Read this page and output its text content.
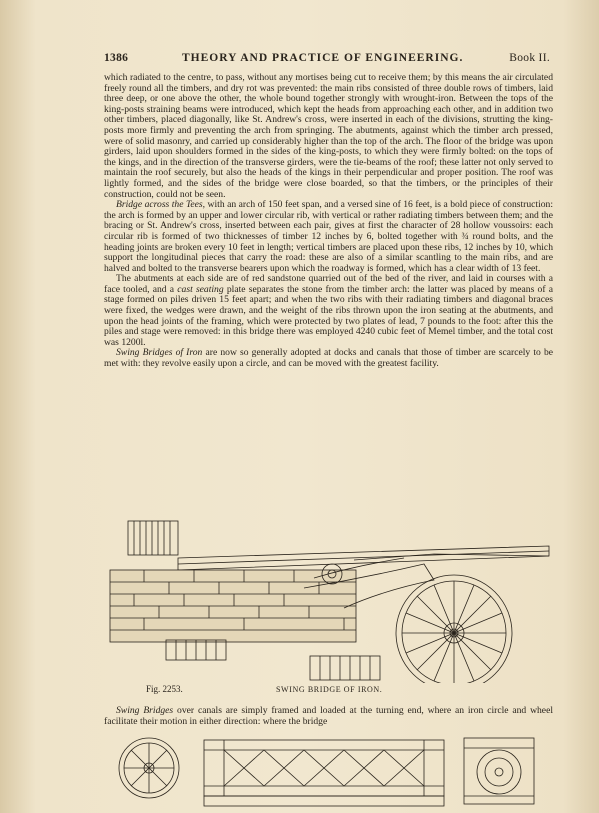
1386	THEORY AND PRACTICE OF ENGINEERING.	Book II.

which radiated to the centre, to pass, without any mortises being cut to receive them; by this means the air circulated freely round all the timbers, and dry rot was prevented: the main ribs consisted of three double rows of timbers, laid three deep, or one above the other, the whole bound together strongly with wrought-iron. Between the tops of the king-posts straining beams were introduced, which kept the heads from approaching each other, and in addition two other timbers, placed diagonally, like St. Andrew's cross, were inserted in each of the divisions, strutting the king-posts more firmly and preventing the arch from springing. The abutments, against which the timber arch pressed, were of solid masonry, and carried up considerably higher than the top of the arch. The floor of the bridge was upon girders, laid upon shoulders formed in the sides of the king-posts, to which they were firmly bolted: on the tops of the kings, and in the direction of the transverse girders, were the tie-beams of the roof; these latter not only served to maintain the roof securely, but also the heads of the kings in their perpendicular and proper position. The roof was lightly formed, and the sides of the bridge were close boarded, so that the timbers, or the principles of their construction, could not be seen.

Bridge across the Tees, with an arch of 150 feet span, and a versed sine of 16 feet, is a bold piece of construction: the arch is formed by an upper and lower circular rib, with vertical or rather radiating timbers between them; and the bracing or St. Andrew's cross, inserted between each pair, gives at first the character of 28 hollow voussoirs: each circular rib is formed of two thicknesses of timber 12 inches by 6, bolted together with ¾ round bolts, and the heading joints are broken every 10 feet in length; vertical timbers are placed upon these ribs, 12 inches by 10, which support the longitudinal pieces that carry the road: these are also of a similar scantling to the main ribs, and are halved and bolted to the transverse bearers upon which the roadway is formed, which has a clear width of 13 feet.

The abutments at each side are of red sandstone quarried out of the bed of the river, and laid in courses with a face tooled, and a cast seating plate separates the stone from the timber arch: the latter was placed by means of a stage formed on piles driven 15 feet apart; and when the two ribs with their radiating timbers and diagonal braces were fixed, the wedges were drawn, and the weight of the ribs thrown upon the iron seating at the abutments, and upon the head joints of the framing, which were protected by two plates of lead, 7 pounds to the foot: after this the piles and stage were removed: in this bridge there was employed 4240 cubic feet of Memel timber, and the total cost was 1200l.

Swing Bridges of Iron are now so generally adopted at docks and canals that those of timber are scarcely to be met with: they revolve easily upon a circle, and can be moved with the greatest facility.

Fig. 2253.	SWING BRIDGE OF IRON.

Swing Bridges over canals are simply framed and loaded at the turning end, where an iron circle and wheel facilitate their motion in either direction: where the bridge
